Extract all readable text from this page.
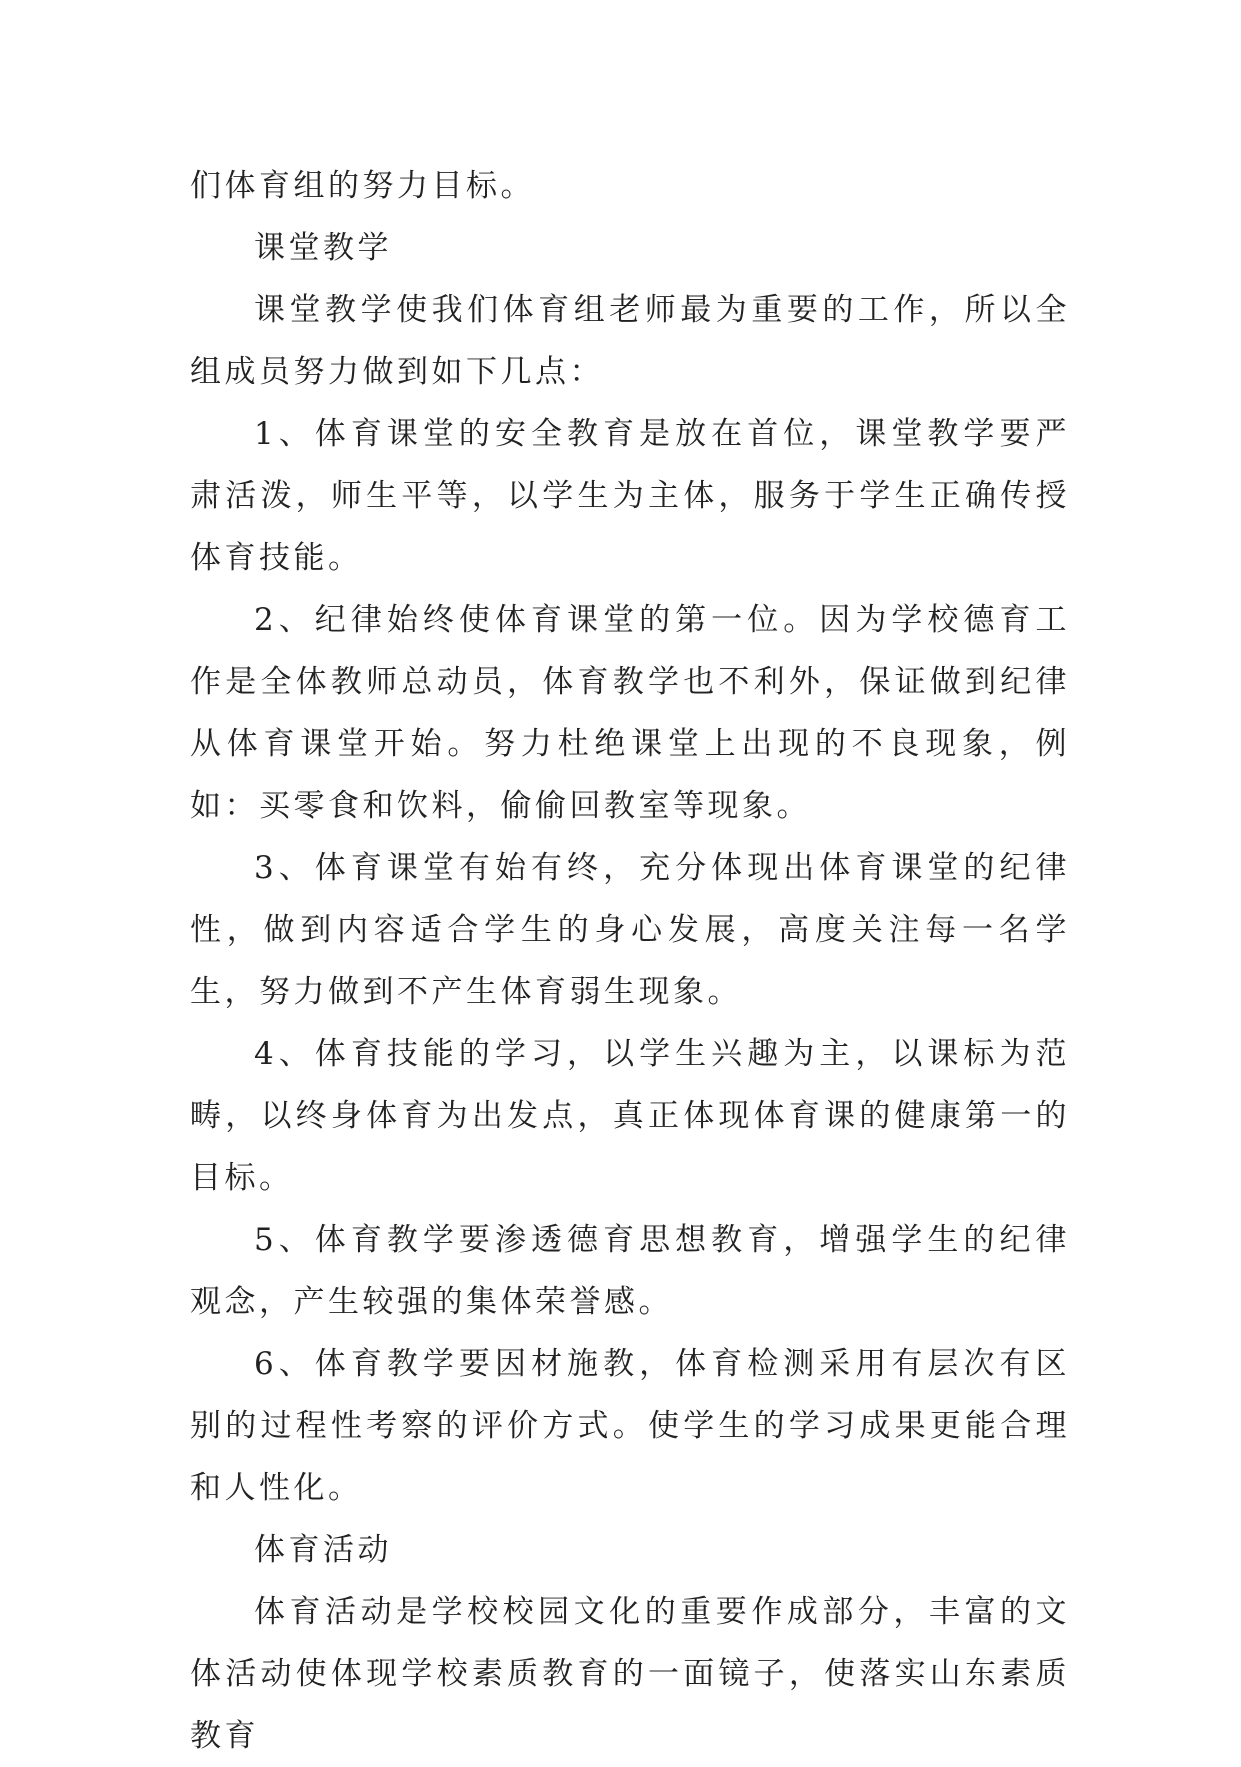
们体育组的努力目标。

课堂教学

课堂教学使我们体育组老师最为重要的工作，所以全组成员努力做到如下几点：

1、体育课堂的安全教育是放在首位，课堂教学要严肃活泼，师生平等，以学生为主体，服务于学生正确传授体育技能。

2、纪律始终使体育课堂的第一位。因为学校德育工作是全体教师总动员，体育教学也不利外，保证做到纪律从体育课堂开始。努力杜绝课堂上出现的不良现象，例如：买零食和饮料，偷偷回教室等现象。

3、体育课堂有始有终，充分体现出体育课堂的纪律性，做到内容适合学生的身心发展，高度关注每一名学生，努力做到不产生体育弱生现象。

4、体育技能的学习，以学生兴趣为主，以课标为范畴，以终身体育为出发点，真正体现体育课的健康第一的目标。

5、体育教学要渗透德育思想教育，增强学生的纪律观念，产生较强的集体荣誉感。

6、体育教学要因材施教，体育检测采用有层次有区别的过程性考察的评价方式。使学生的学习成果更能合理和人性化。

体育活动

体育活动是学校校园文化的重要作成部分，丰富的文体活动使体现学校素质教育的一面镜子，使落实山东素质教育
